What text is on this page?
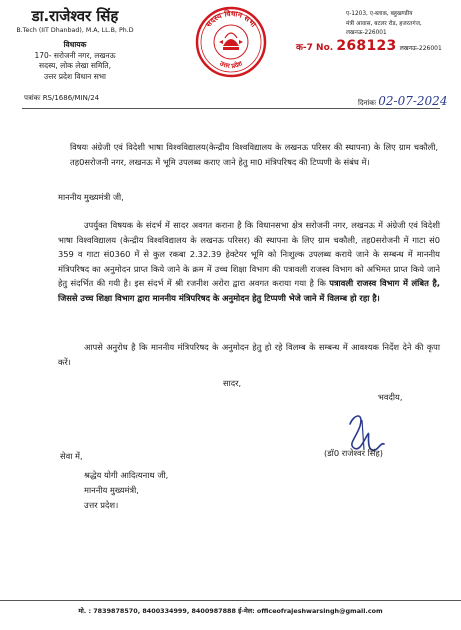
डा.राजेश्वर सिंह
B.Tech (IIT Dhanbad), M.A, LL.B, Ph.D
विधायक
170- सरोजनी नगर, लखनऊ
सदस्य, लोक लेखा समिति,
उत्तर प्रदेश विधान सभा
सदस्य विधान सभा
उत्तर प्रदेश
ए-1203, ए-ब्लाक, बहुखण्डीय
मंत्री आवास, बटलर रोड, हजरतगंज,
लखनऊ-226001
क-7 No. 268123 लखनऊ-226001
पत्रांकः RS/1686/MIN/24
दिनांकः 02-07-2024
विषयः अंग्रेजी एवं विदेशी भाषा विश्वविद्यालय(केन्द्रीय विश्वविद्यालय के लखनऊ परिसर की स्थापना) के लिए ग्राम चकौली, तह0सरोजनी नगर, लखनऊ में भूमि उपलब्ध कराए जाने हेतु मा0 मंत्रिपरिषद की टिप्पणी के संबंध में।
माननीय मुख्यमंत्री जी,
उपर्युक्त विषयक के संदर्भ में सादर अवगत कराना है कि विधानसभा क्षेत्र सरोजनी नगर, लखनऊ में अंग्रेजी एवं विदेशी भाषा विश्वविद्यालय (केन्द्रीय विश्वविद्यालय के लखनऊ परिसर) की स्थापना के लिए ग्राम चकौली, तह0सरोजनी में गाटा सं0 359 व गाटा सं0360 में से कुल रकबा 2.32.39 हेक्टेयर भूमि को निःशुल्क उपलब्ध कराये जाने के सम्बन्ध में माननीय मंत्रिपरिषद का अनुमोदन प्राप्त किये जाने के क्रम में उच्च शिक्षा विभाग की पत्रावली राजस्व विभाग को अभिमत प्राप्त किये जाने हेतु संदर्भित की गयी है। इस संदर्भ में श्री रजनीश अरोरा द्वारा अवगत कराया गया है कि पत्रावली राजस्व विभाग में लंबित है, जिससे उच्च शिक्षा विभाग द्वारा माननीय मंत्रिपरिषद के अनुमोदन हेतु टिप्पणी भेजे जाने में विलम्ब हो रहा है।
आपसे अनुरोध है कि माननीय मंत्रिपरिषद के अनुमोदन हेतु हो रहे विलम्ब के सम्बन्ध में आवश्यक निर्देश देने की कृपा करें।
सादर,
भवदीय,
(डॉ0 राजेश्वर सिंह)
सेवा में,
श्रद्धेय योगी आदित्यनाथ जी,
माननीय मुख्यमंत्री,
उत्तर प्रदेश।
मो. : 7839878570, 8400334999, 8400987888 ई-मेल: officeofrajeshwarsingh@gmail.com
